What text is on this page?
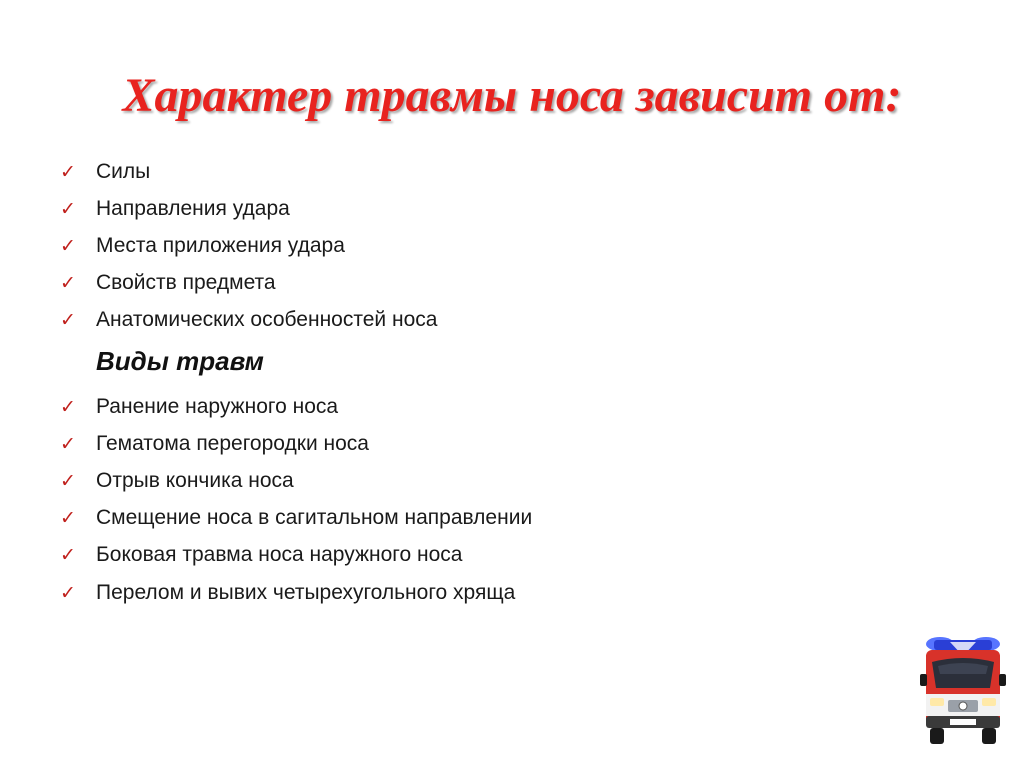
Характер травмы носа зависит от:
✓ Силы
✓ Направления удара
✓ Места приложения удара
✓ Свойств предмета
✓ Анатомических особенностей носа
Виды травм
✓ Ранение наружного носа
✓ Гематома перегородки носа
✓ Отрыв кончика носа
✓ Смещение носа в сагитальном направлении
✓ Боковая травма носа наружного носа
✓ Перелом и вывих четырехугольного хряща
